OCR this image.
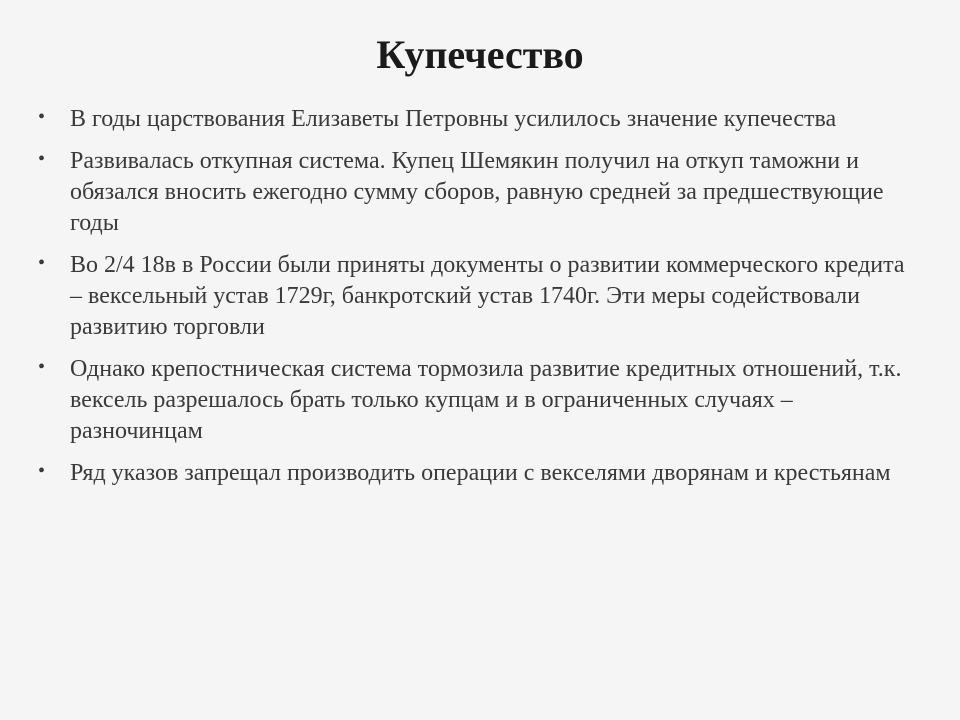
Купечество
• В годы царствования Елизаветы Петровны усилилось значение купечества
• Развивалась откупная система. Купец Шемякин получил на откуп таможни и обязался вносить ежегодно сумму сборов, равную средней за предшествующие годы
• Во 2/4 18в в России были приняты документы о развитии коммерческого кредита – вексельный устав 1729г, банкротский устав 1740г. Эти меры содействовали развитию торговли
• Однако крепостническая система тормозила развитие кредитных отношений, т.к. вексель разрешалось брать только купцам и в ограниченных случаях – разночинцам
• Ряд указов запрещал производить операции с векселями дворянам и крестьянам
